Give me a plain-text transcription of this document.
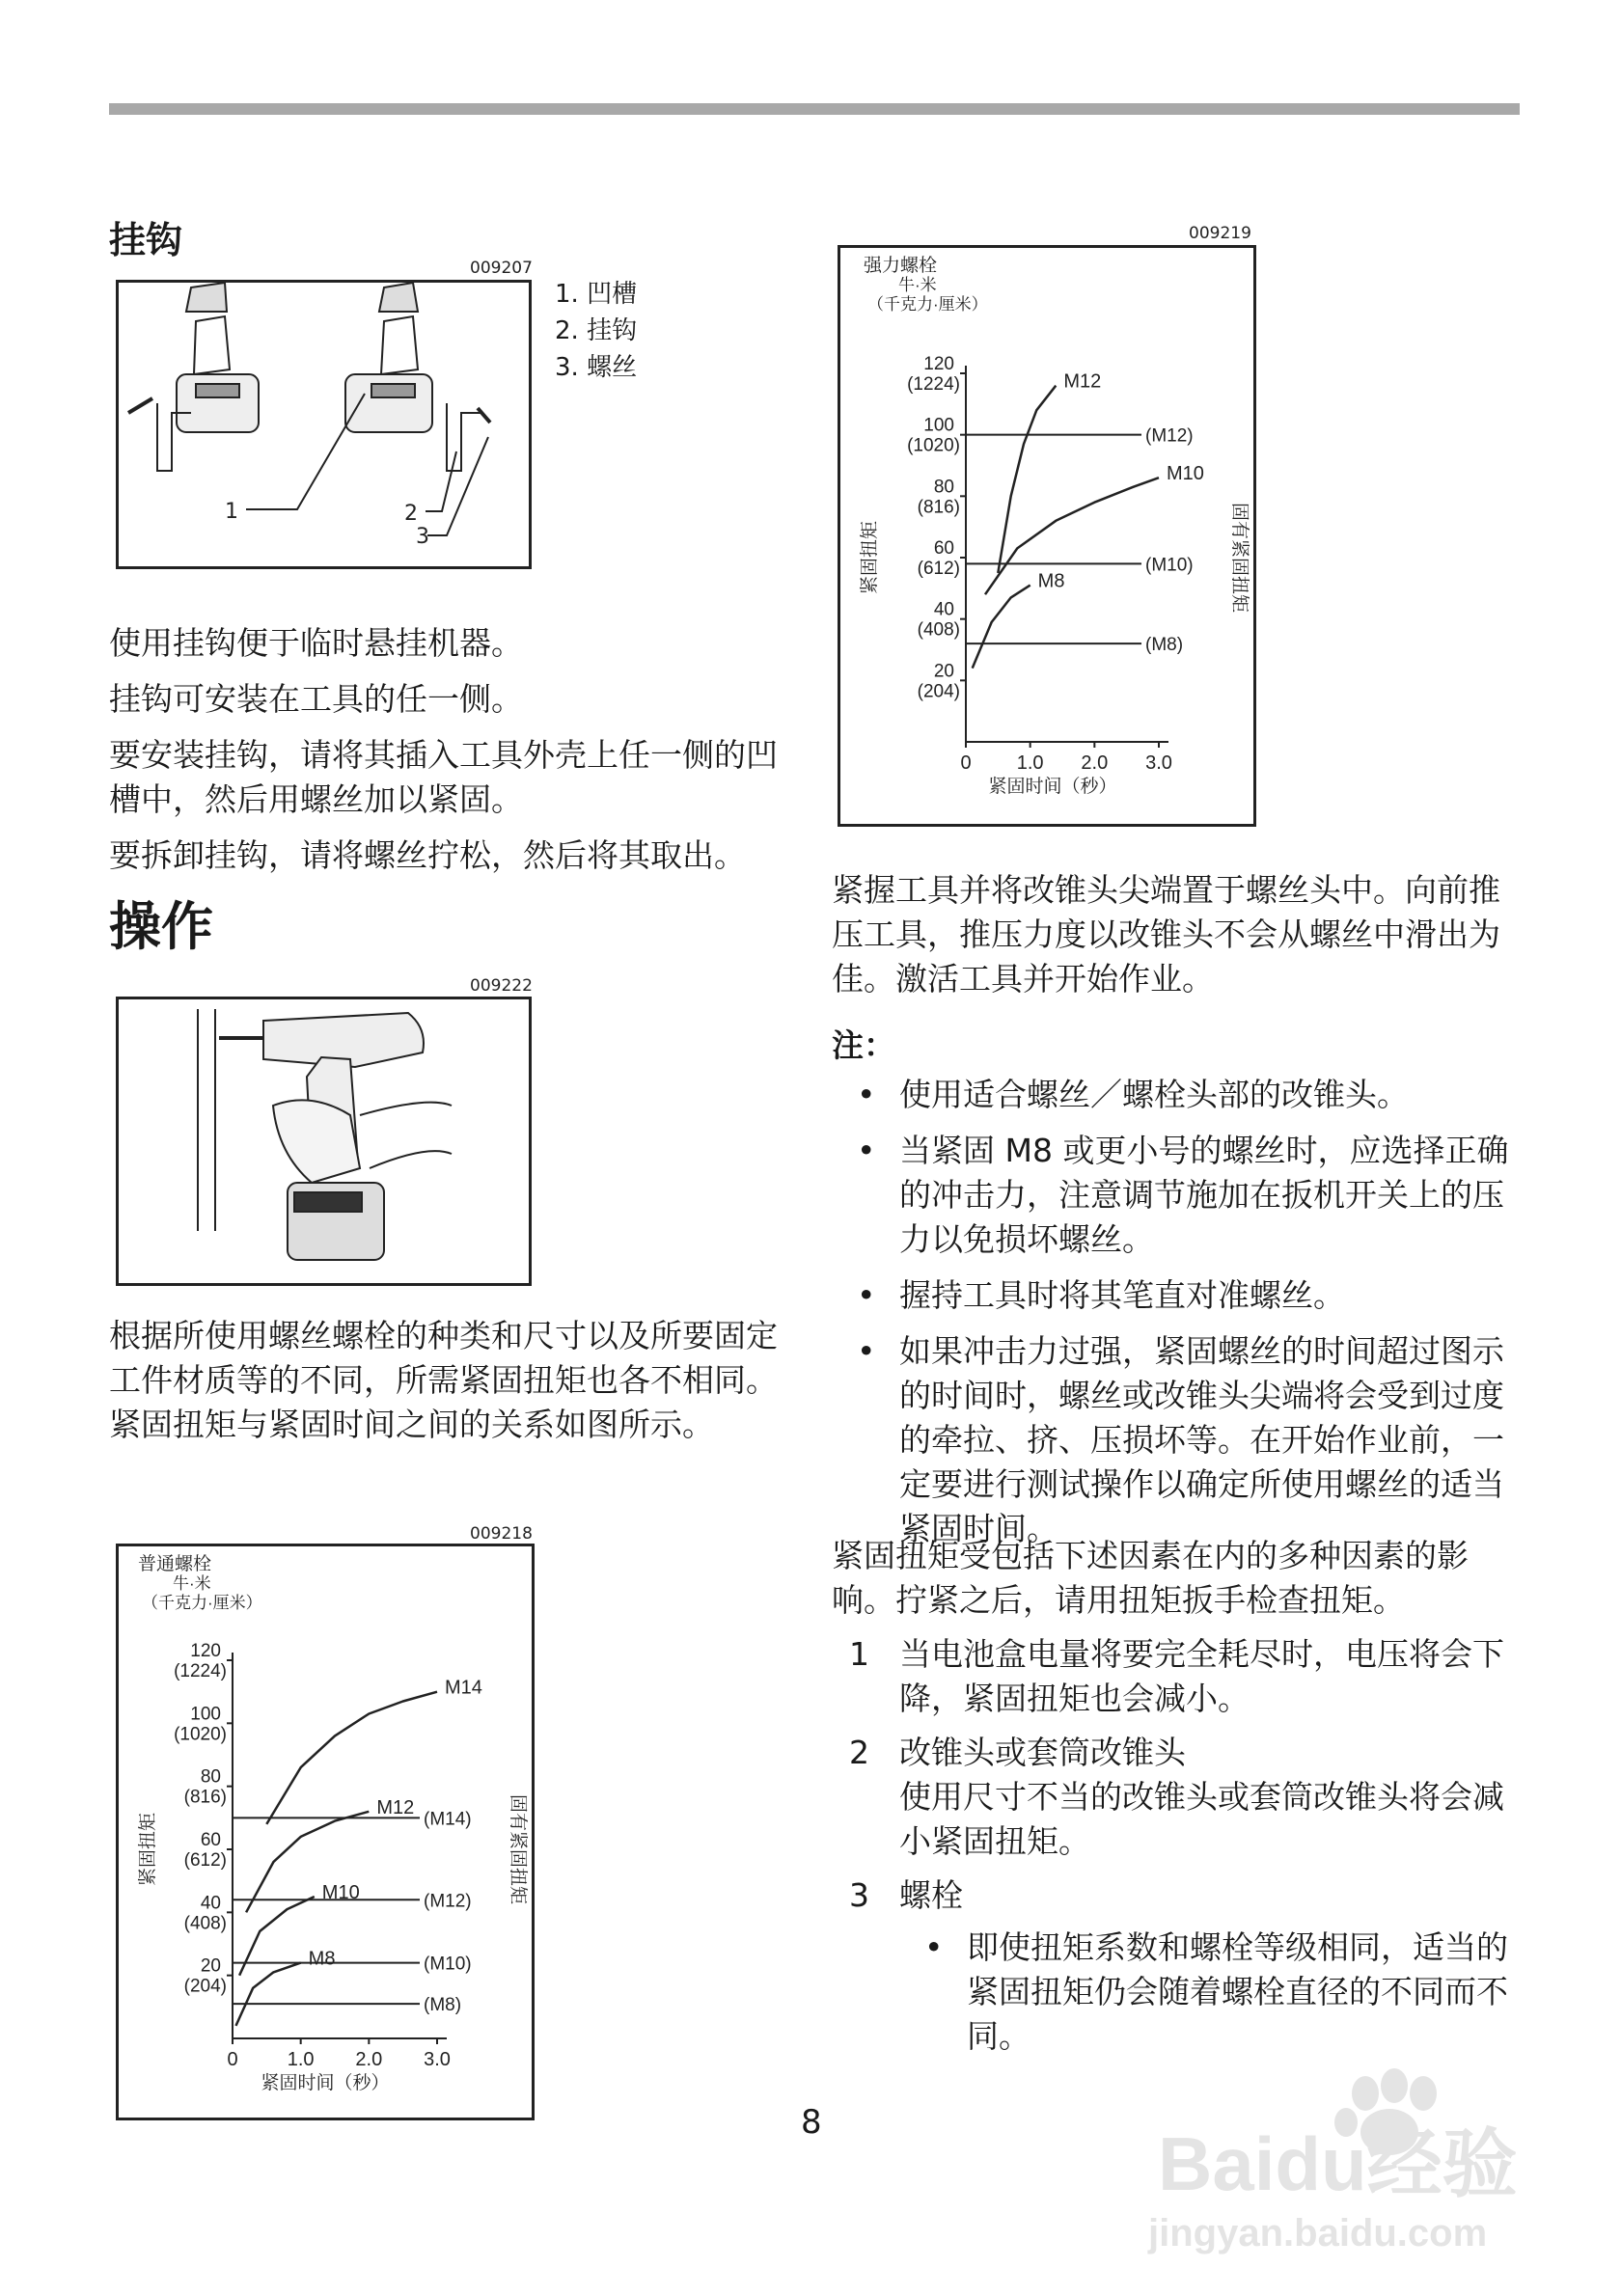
挂钩
009207
1	2
3
1. 凹槽
2. 挂钩
3. 螺丝

使用挂钩便于临时悬挂机器。

挂钩可安装在工具的任一侧。

要安装挂钩，请将其插入工具外壳上任一侧的凹槽中，然后用螺丝加以紧固。

要拆卸挂钩，请将螺丝拧松，然后将其取出。

操作
009222
根据所使用螺丝螺栓的种类和尺寸以及所要固定工件材质等的不同，所需紧固扭矩也各不相同。紧固扭矩与紧固时间之间的关系如图所示。
009218
普通螺栓
牛·米
（千克力·厘米）
20
(204)
40
(408)
60
(612)
80
(816)
100
(1020)
120
(1224)
0	1.0 2.0 3.0
紧固时间（秒）
紧固扭矩	固有紧固扭矩
(M14)
(M12)
(M10)
(M8)
M14
M12
M10
M8
009219
强力螺栓
牛·米
（千克力·厘米）
20
(204)
40
(408)
60
(612)
80
(816)
100
(1020)
120
(1224)
0 1.0 2.0 3.0
紧固时间（秒）
紧固扭矩	固有紧固扭矩
(M12)
(M10)
(M8)
M12
M10
M8
紧握工具并将改锥头尖端置于螺丝头中。向前推压工具，推压力度以改锥头不会从螺丝中滑出为佳。激活工具并开始作业。
注：
• 使用适合螺丝／螺栓头部的改锥头。
• 当紧固 M8 或更小号的螺丝时，应选择正确的冲击力，注意调节施加在扳机开关上的压力以免损坏螺丝。
• 握持工具时将其笔直对准螺丝。
• 如果冲击力过强，紧固螺丝的时间超过图示的时间时，螺丝或改锥头尖端将会受到过度的牵拉、挤、压损坏等。在开始作业前，一定要进行测试操作以确定所使用螺丝的适当紧固时间。
紧固扭矩受包括下述因素在内的多种因素的影响。拧紧之后，请用扭矩扳手检查扭矩。
1 当电池盒电量将要完全耗尽时，电压将会下降，紧固扭矩也会减小。
2 改锥头或套筒改锥头
使用尺寸不当的改锥头或套筒改锥头将会减小紧固扭矩。
3 螺栓
• 即使扭矩系数和螺栓等级相同，适当的紧固扭矩仍会随着螺栓直径的不同而不同。
8	Baidu经验
jingyan.baidu.com
